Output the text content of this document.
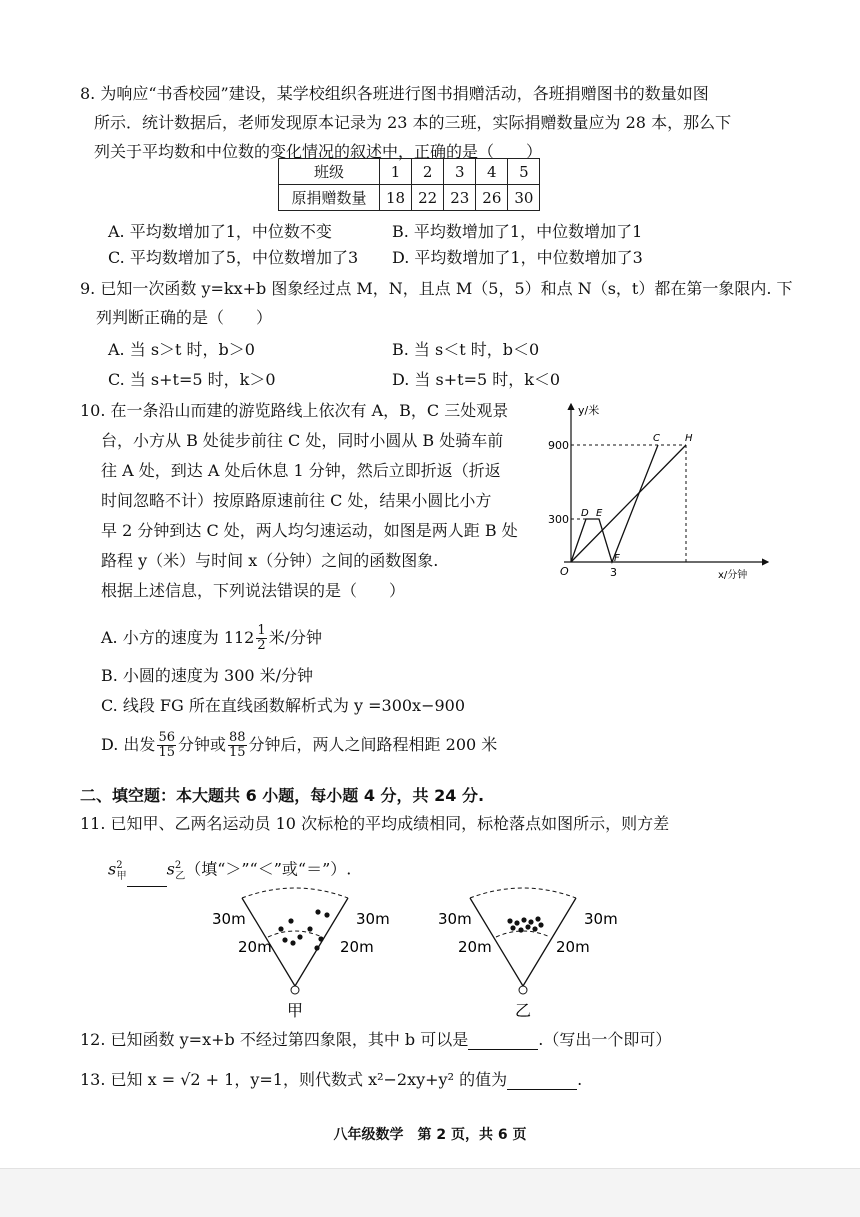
8. 为响应“书香校园”建设，某学校组织各班进行图书捐赠活动，各班捐赠图书的数量如图
所示．统计数据后，老师发现原本记录为 23 本的三班，实际捐赠数量应为 28 本，那么下
列关于平均数和中位数的变化情况的叙述中，正确的是（　　）
班级	1	2	3	4	5
原捐赠数量	18	22	23	26	30
A. 平均数增加了1，中位数不变	B. 平均数增加了1，中位数增加了1
C. 平均数增加了5，中位数增加了3 D. 平均数增加了1，中位数增加了3
9. 已知一次函数 y=kx+b 图象经过点 M，N，且点 M（5，5）和点 N（s，t）都在第一象限内. 下
列判断正确的是（　　）
A. 当 s＞t 时，b＞0	B. 当 s＜t 时，b＜0
C. 当 s+t=5 时，k＞0	D. 当 s+t=5 时，k＜0
10. 在一条沿山而建的游览路线上依次有 A，B，C 三处观景
台，小方从 B 处徒步前往 C 处，同时小圆从 B 处骑车前
往 A 处，到达 A 处后休息 1 分钟，然后立即折返（折返
时间忽略不计）按原路原速前往 C 处，结果小圆比小方
早 2 分钟到达 C 处，两人均匀速运动，如图是两人距 B 处
路程 y（米）与时间 x（分钟）之间的函数图象.
根据上述信息，下列说法错误的是（　　）
A. 小方的速度为 $112 \frac{1}{2}$ 米/分钟
B. 小圆的速度为 300 米/分钟
C. 线段 FG 所在直线函数解析式为 y =300x−900
D. 出发 $\frac{56}{15}$ 分钟或 $\frac{88}{15}$ 分钟后，两人之间路程相距 200 米
y/米
x/分钟
900
300
3
O
C	H
D E
F
二、填空题：本大题共 6 小题，每小题 4 分，共 24 分.
11. 已知甲、乙两名运动员 10 次标枪的平均成绩相同，标枪落点如图所示，则方差
$s^2_甲$	$s^2_乙$（填“＞”“＜”或“＝”）.
30m	30m
20m	20m
甲
30m	30m
20m	20m
乙
12. 已知函数 y=x+b 不经过第四象限，其中 b 可以是	.（写出一个即可）
13. 已知 x = √2 + 1，y=1，则代数式 x²−2xy+y² 的值为	.
八年级数学　第 2 页，共 6 页
